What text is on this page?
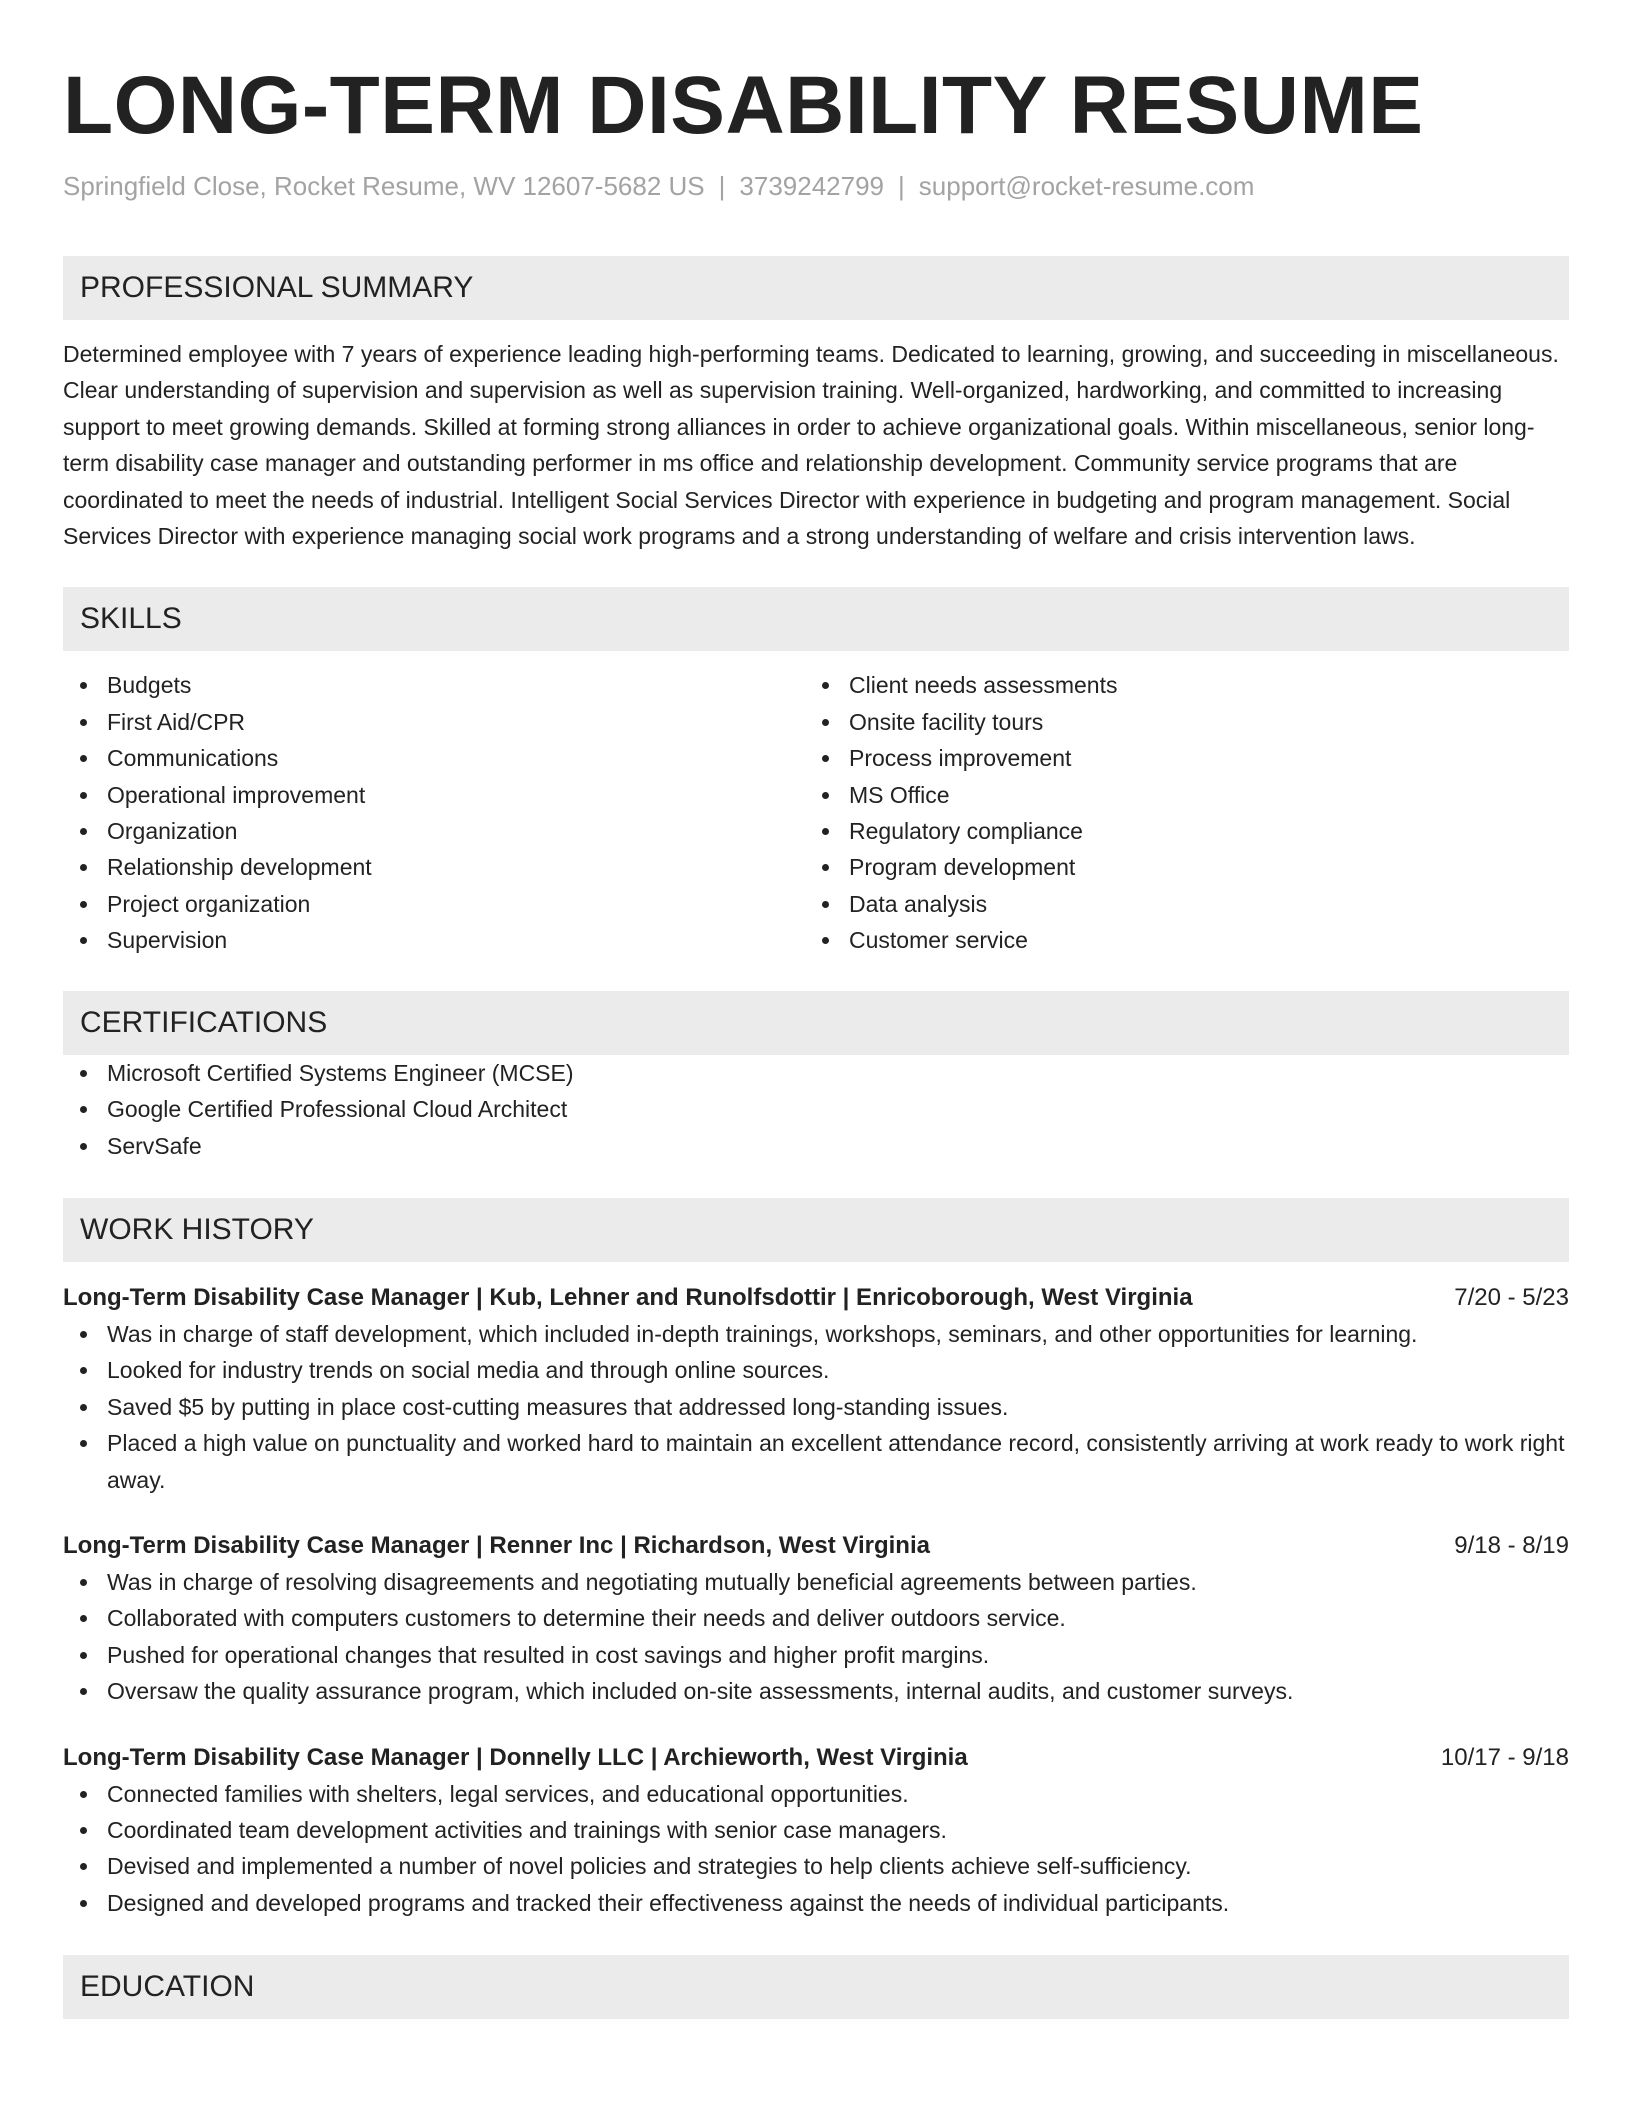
LONG-TERM DISABILITY RESUME
Springfield Close, Rocket Resume, WV 12607-5682 US | 3739242799 | support@rocket-resume.com
PROFESSIONAL SUMMARY

Determined employee with 7 years of experience leading high-performing teams. Dedicated to learning, growing, and succeeding in miscellaneous. Clear understanding of supervision and supervision as well as supervision training. Well-organized, hardworking, and committed to increasing support to meet growing demands. Skilled at forming strong alliances in order to achieve organizational goals. Within miscellaneous, senior long-term disability case manager and outstanding performer in ms office and relationship development. Community service programs that are coordinated to meet the needs of industrial. Intelligent Social Services Director with experience in budgeting and program management. Social Services Director with experience managing social work programs and a strong understanding of welfare and crisis intervention laws.

SKILLS
Budgets
First Aid/CPR
Communications
Operational improvement
Organization
Relationship development
Project organization
Supervision
Client needs assessments
Onsite facility tours
Process improvement
MS Office
Regulatory compliance
Program development
Data analysis
Customer service
CERTIFICATIONS
Microsoft Certified Systems Engineer (MCSE)
Google Certified Professional Cloud Architect
ServSafe
WORK HISTORY
Long-Term Disability Case Manager | Kub, Lehner and Runolfsdottir | Enricoborough, West Virginia	7/20 - 5/23
Was in charge of staff development, which included in-depth trainings, workshops, seminars, and other opportunities for learning.
Looked for industry trends on social media and through online sources.
Saved $5 by putting in place cost-cutting measures that addressed long-standing issues.
Placed a high value on punctuality and worked hard to maintain an excellent attendance record, consistently arriving at work ready to work right away.
Long-Term Disability Case Manager | Renner Inc | Richardson, West Virginia	9/18 - 8/19
Was in charge of resolving disagreements and negotiating mutually beneficial agreements between parties.
Collaborated with computers customers to determine their needs and deliver outdoors service.
Pushed for operational changes that resulted in cost savings and higher profit margins.
Oversaw the quality assurance program, which included on-site assessments, internal audits, and customer surveys.
Long-Term Disability Case Manager | Donnelly LLC | Archieworth, West Virginia	10/17 - 9/18
Connected families with shelters, legal services, and educational opportunities.
Coordinated team development activities and trainings with senior case managers.
Devised and implemented a number of novel policies and strategies to help clients achieve self-sufficiency.
Designed and developed programs and tracked their effectiveness against the needs of individual participants.
EDUCATION
